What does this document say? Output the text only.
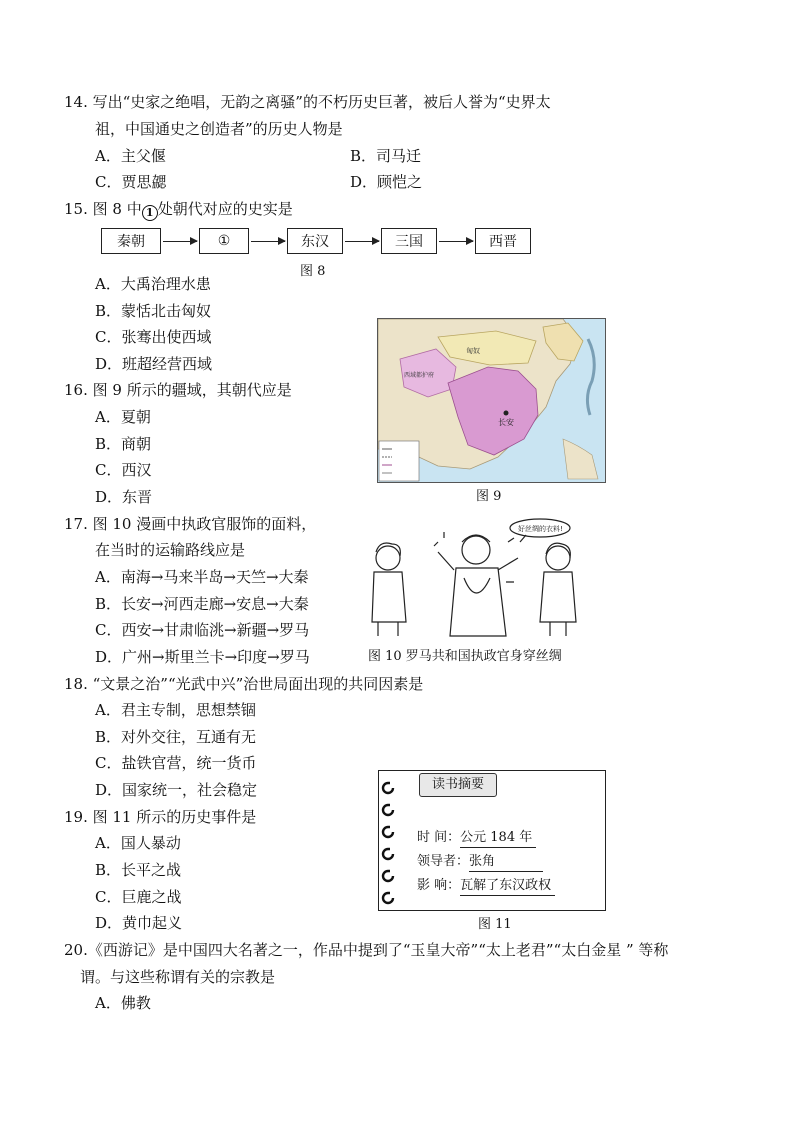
14. 写出“史家之绝唱，无韵之离骚”的不朽历史巨著，被后人誉为“史界太
祖，中国通史之创造者”的历史人物是
A．主父偃	B．司马迁
C．贾思勰	D．顾恺之
15. 图 8 中 1 处朝代对应的史实是
秦朝	①	东汉	三国	西晋
图 8
A．大禹治理水患
B．蒙恬北击匈奴
C．张骞出使西域
D．班超经营西域
长安
匈奴
西域都护府
图 9
16. 图 9 所示的疆域，其朝代应是
A．夏朝
B．商朝
C．西汉
D．东晋
17. 图 10 漫画中执政官服饰的面料，
在当时的运输路线应是
A．南海→马来半岛→天竺→大秦
B．长安→河西走廊→安息→大秦
C．西安→甘肃临洮→新疆→罗马
D．广州→斯里兰卡→印度→罗马
好丝绸的衣料!
图 10 罗马共和国执政官身穿丝绸
18. “文景之治”“光武中兴”治世局面出现的共同因素是
A．君主专制，思想禁锢
B．对外交往，互通有无
C．盐铁官营，统一货币
D．国家统一，社会稳定	读书摘要
时 间：公元 184 年
领导者：张角
影 响：瓦解了东汉政权
图 11
19. 图 11 所示的历史事件是
A．国人暴动
B．长平之战
C．巨鹿之战
D．黄巾起义
20.《西游记》是中国四大名著之一，作品中提到了“玉皇大帝”“太上老君”“太白金星 ” 等称
谓。与这些称谓有关的宗教是
A．佛教
